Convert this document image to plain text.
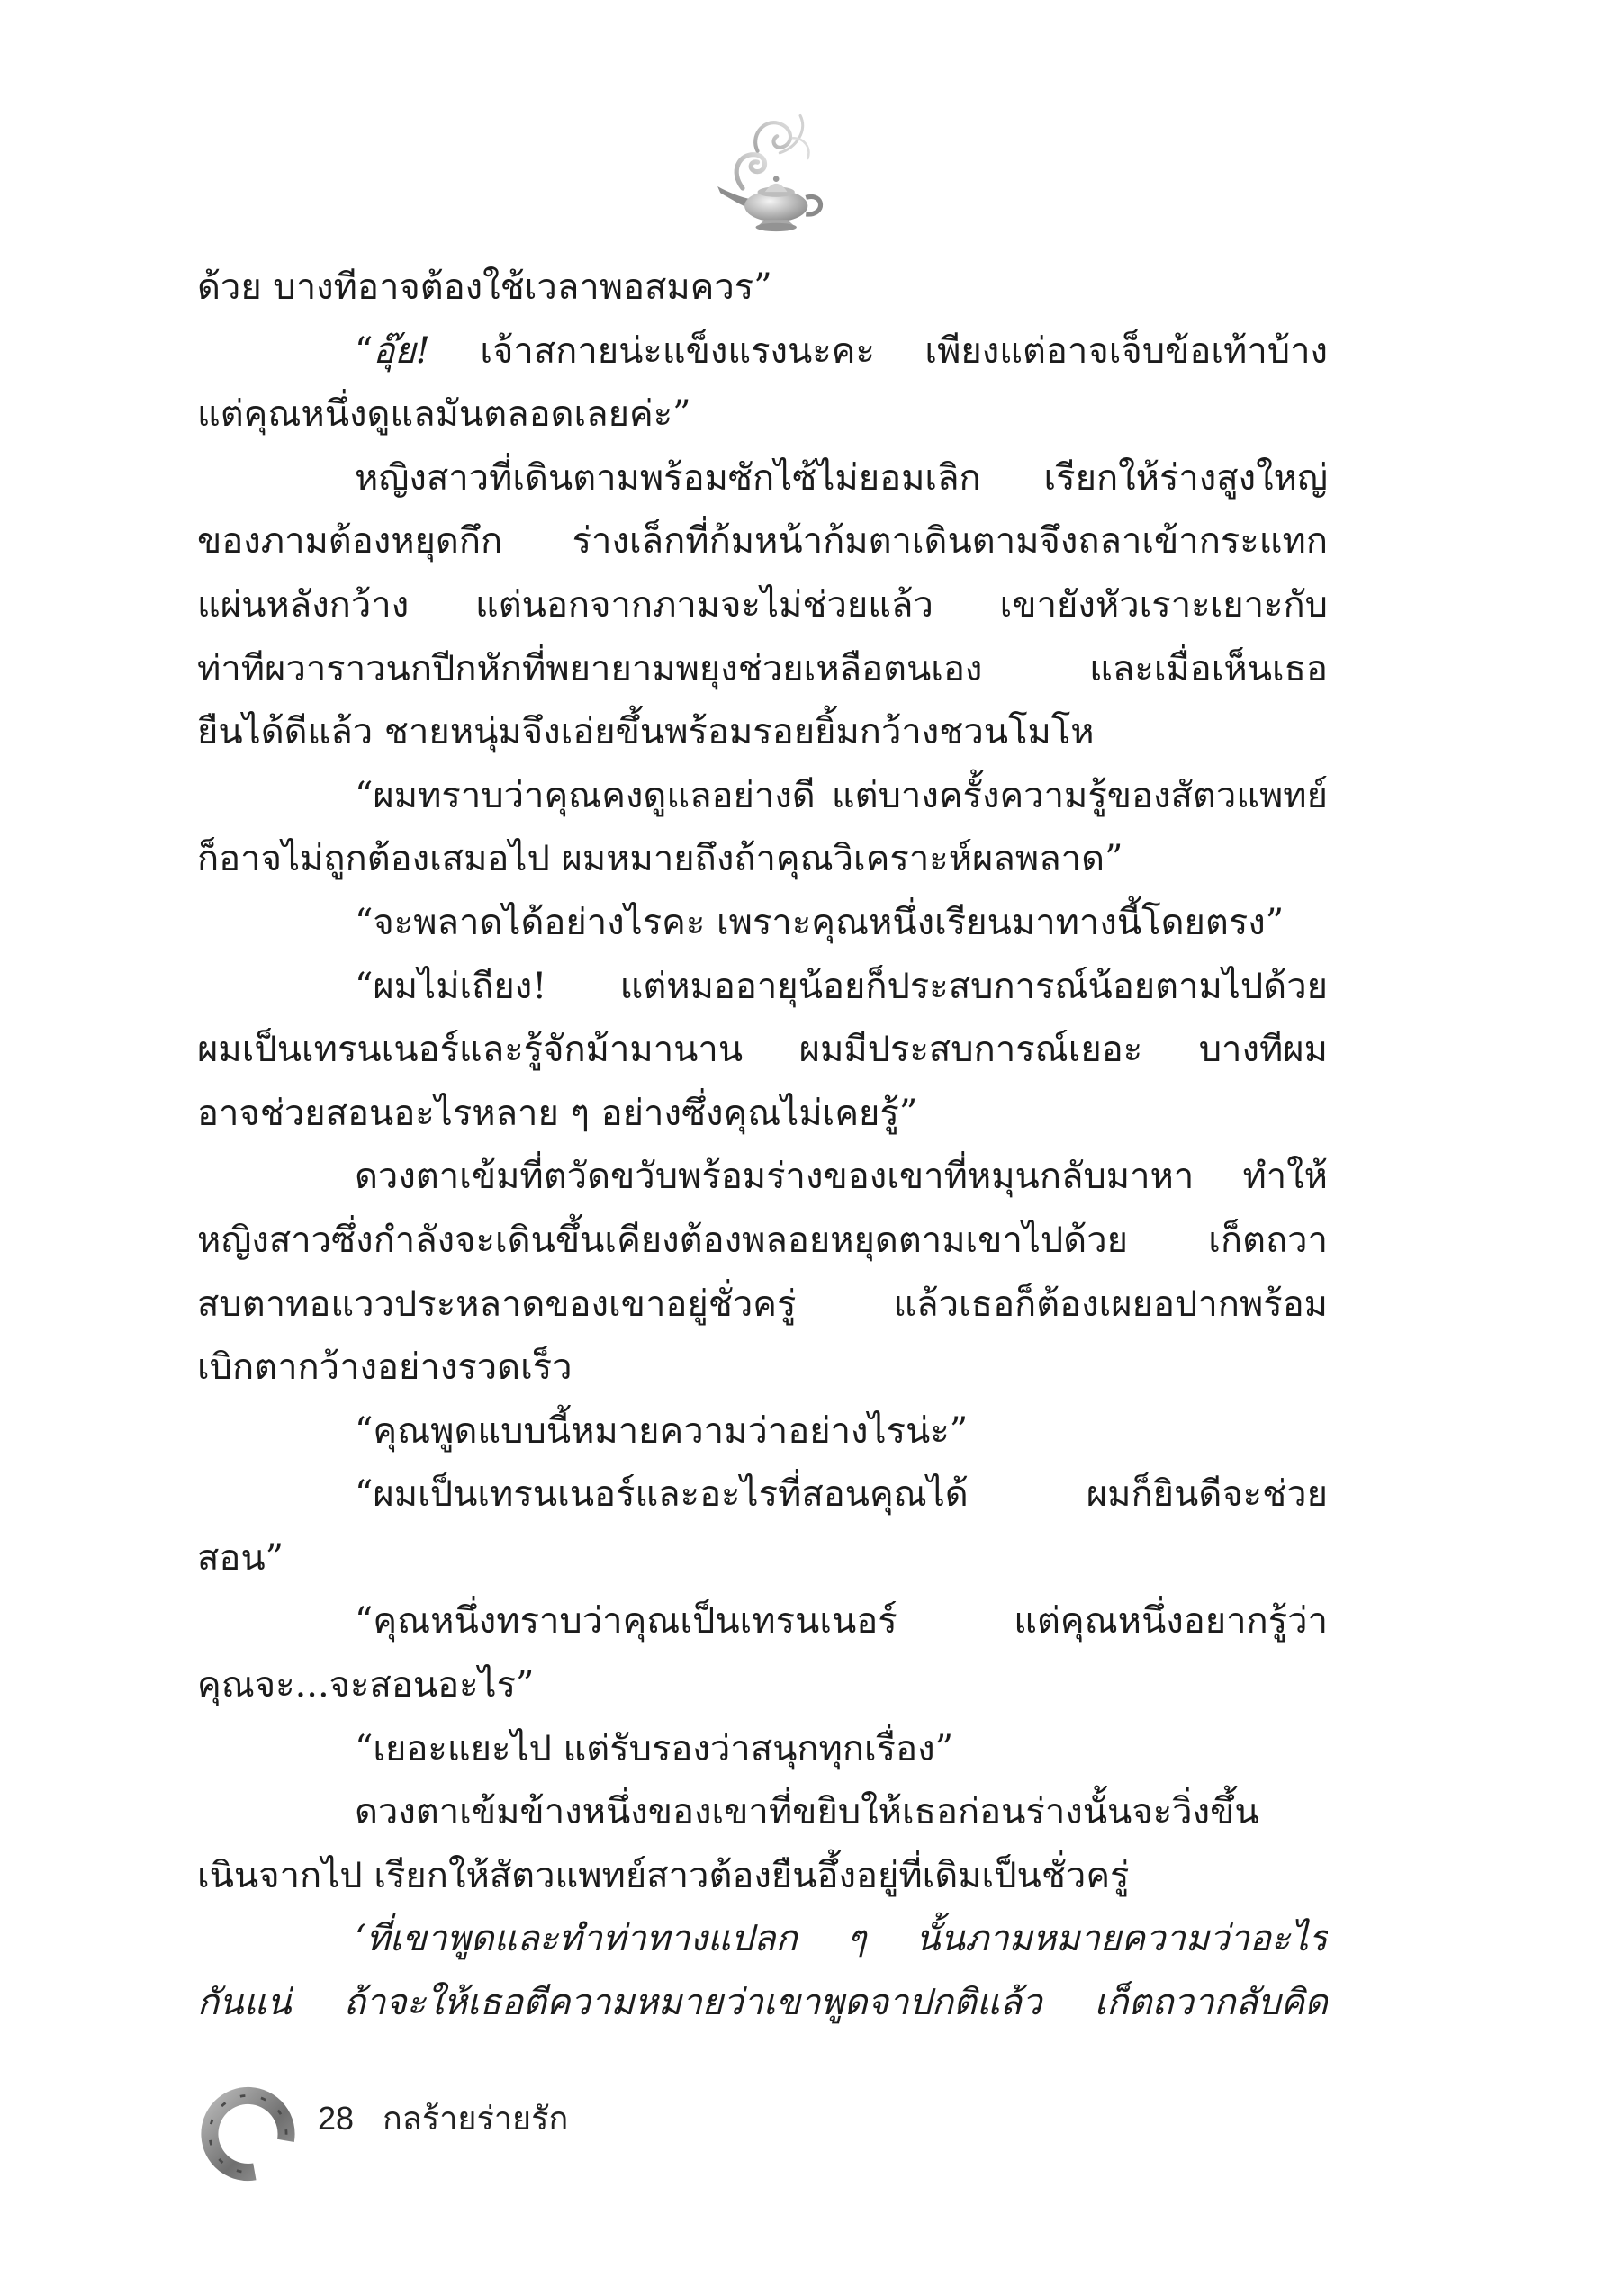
ด้วย บางทีอาจต้องใช้เวลาพอสมควร”
“อุ๊ย! เจ้าสกายน่ะแข็งแรงนะคะ เพียงแต่อาจเจ็บข้อเท้าบ้าง
แต่คุณหนึ่งดูแลมันตลอดเลยค่ะ”
หญิงสาวที่เดินตามพร้อมซักไซ้ไม่ยอมเลิก เรียกให้ร่างสูงใหญ่
ของภามต้องหยุดกึก ร่างเล็กที่ก้มหน้าก้มตาเดินตามจึงถลาเข้ากระแทก
แผ่นหลังกว้าง แต่นอกจากภามจะไม่ช่วยแล้ว เขายังหัวเราะเยาะกับ
ท่าทีผวาราวนกปีกหักที่พยายามพยุงช่วยเหลือตนเอง และเมื่อเห็นเธอ
ยืนได้ดีแล้ว ชายหนุ่มจึงเอ่ยขึ้นพร้อมรอยยิ้มกว้างชวนโมโห
“ผมทราบว่าคุณคงดูแลอย่างดี แต่บางครั้งความรู้ของสัตวแพทย์
ก็อาจไม่ถูกต้องเสมอไป ผมหมายถึงถ้าคุณวิเคราะห์ผลพลาด”
“จะพลาดได้อย่างไรคะ เพราะคุณหนึ่งเรียนมาทางนี้โดยตรง”
“ผมไม่เถียง! แต่หมออายุน้อยก็ประสบการณ์น้อยตามไปด้วย
ผมเป็นเทรนเนอร์และรู้จักม้ามานาน ผมมีประสบการณ์เยอะ บางทีผม
อาจช่วยสอนอะไรหลาย ๆ อย่างซึ่งคุณไม่เคยรู้”
ดวงตาเข้มที่ตวัดขวับพร้อมร่างของเขาที่หมุนกลับมาหา ทำให้
หญิงสาวซึ่งกำลังจะเดินขึ้นเคียงต้องพลอยหยุดตามเขาไปด้วย เก็ตถวา
สบตาทอแววประหลาดของเขาอยู่ชั่วครู่ แล้วเธอก็ต้องเผยอปากพร้อม
เบิกตากว้างอย่างรวดเร็ว
“คุณพูดแบบนี้หมายความว่าอย่างไรน่ะ”
“ผมเป็นเทรนเนอร์และอะไรที่สอนคุณได้ ผมก็ยินดีจะช่วย
สอน”
“คุณหนึ่งทราบว่าคุณเป็นเทรนเนอร์ แต่คุณหนึ่งอยากรู้ว่า
คุณจะ...จะสอนอะไร”
“เยอะแยะไป แต่รับรองว่าสนุกทุกเรื่อง”
ดวงตาเข้มข้างหนึ่งของเขาที่ขยิบให้เธอก่อนร่างนั้นจะวิ่งขึ้น
เนินจากไป เรียกให้สัตวแพทย์สาวต้องยืนอึ้งอยู่ที่เดิมเป็นชั่วครู่
‘ที่เขาพูดและทำท่าทางแปลก ๆ นั้นภามหมายความว่าอะไร
กันแน่ ถ้าจะให้เธอตีความหมายว่าเขาพูดจาปกติแล้ว เก็ตถวากลับคิด
28 กลร้ายร่ายรัก
